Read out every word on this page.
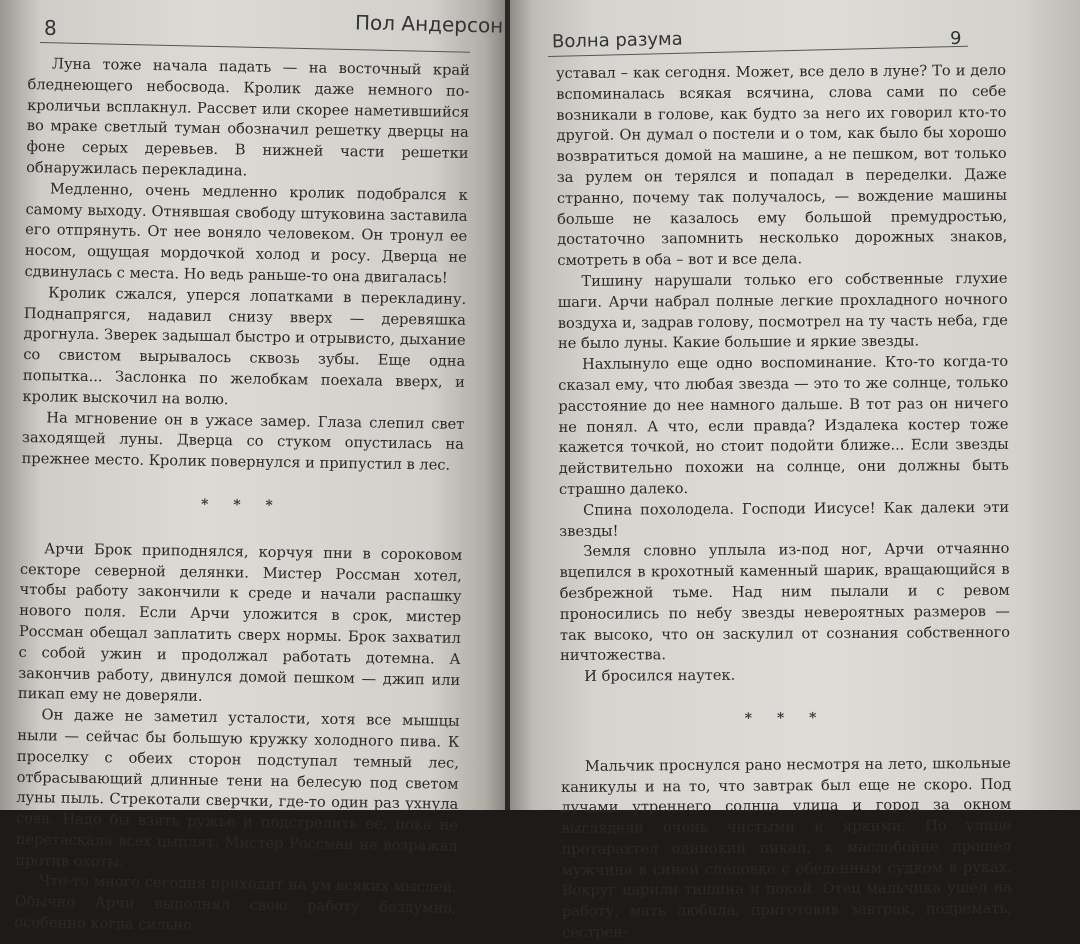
8	Пол Андерсон

Луна тоже начала падать — на восточный край бледнеющего небосвода. Кролик даже немного по-кроличьи всплакнул. Рассвет или скорее наметившийся во мраке светлый туман обозначил решетку дверцы на фоне серых деревьев. В нижней части решетки обнаружилась перекладина.

Медленно, очень медленно кролик подобрался к самому выходу. Отнявшая свободу штуковина заставила его отпрянуть. От нее воняло человеком. Он тронул ее носом, ощущая мордочкой холод и росу. Дверца не сдвинулась с места. Но ведь раньше-то она двигалась!

Кролик сжался, уперся лопатками в перекладину. Поднапрягся, надавил снизу вверх — деревяшка дрогнула. Зверек задышал быстро и отрывисто, дыхание со свистом вырывалось сквозь зубы. Еще одна попытка... Заслонка по желобкам поехала вверх, и кролик выскочил на волю.

На мгновение он в ужасе замер. Глаза слепил свет заходящей луны. Дверца со стуком опустилась на прежнее место. Кролик повернулся и припустил в лес.

* * *

Арчи Брок приподнялся, корчуя пни в сороковом секторе северной делянки. Мистер Россман хотел, чтобы работу закончили к среде и начали распашку нового поля. Если Арчи уложится в срок, мистер Россман обещал заплатить сверх нормы. Брок захватил с собой ужин и продолжал работать дотемна. А закончив работу, двинулся домой пешком — джип или пикап ему не доверяли.

Он даже не заметил усталости, хотя все мышцы ныли — сейчас бы большую кружку холодного пива. К проселку с обеих сторон подступал темный лес, отбрасывающий длинные тени на белесую под светом луны пыль. Стрекотали сверчки, где-то один раз ухнула сова. Надо бы взять ружье и подстрелить ее, пока не перетаскала всех цыплят. Мистер Россман не возражал против охоты.

Что-то много сегодня приходит на ум всяких мыслей. Обычно Арчи выполнял свою работу бездумно, особенно когда сильно

Волна разума	9

уставал – как сегодня. Может, все дело в луне? То и дело вспоминалась всякая всячина, слова сами по себе возникали в голове, как будто за него их говорил кто-то другой. Он думал о постели и о том, как было бы хорошо возвратиться домой на машине, а не пешком, вот только за рулем он терялся и попадал в переделки. Даже странно, почему так получалось, — вождение машины больше не казалось ему большой премудростью, достаточно запомнить несколько дорожных знаков, смотреть в оба – вот и все дела.

Тишину нарушали только его собственные глухие шаги. Арчи набрал полные легкие прохладного ночного воздуха и, задрав голову, посмотрел на ту часть неба, где не было луны. Какие большие и яркие звезды.

Нахлынуло еще одно воспоминание. Кто-то когда-то сказал ему, что любая звезда — это то же солнце, только расстояние до нее намного дальше. В тот раз он ничего не понял. А что, если правда? Издалека костер тоже кажется точкой, но стоит подойти ближе... Если звезды действительно похожи на солнце, они должны быть страшно далеко.

Спина похолодела. Господи Иисусе! Как далеки эти звезды!

Земля словно уплыла из-под ног, Арчи отчаянно вцепился в крохотный каменный шарик, вращающийся в безбрежной тьме. Над ним пылали и с ревом проносились по небу звезды невероятных размеров — так высоко, что он заскулил от сознания собственного ничтожества.

И бросился наутек.

* * *

Мальчик проснулся рано несмотря на лето, школьные каникулы и на то, что завтрак был еще не скоро. Под лучами утреннего солнца улица и город за окном выглядели очень чистыми и яркими. По улице протарахтел одинокий пикап, к маслобойне прошел мужчина в синей спецовке с обеденным судком в руках. Вокруг царили тишина и покой. Отец мальчика ушел на работу, мать любила, приготовив завтрак, подремать, сестрен-
